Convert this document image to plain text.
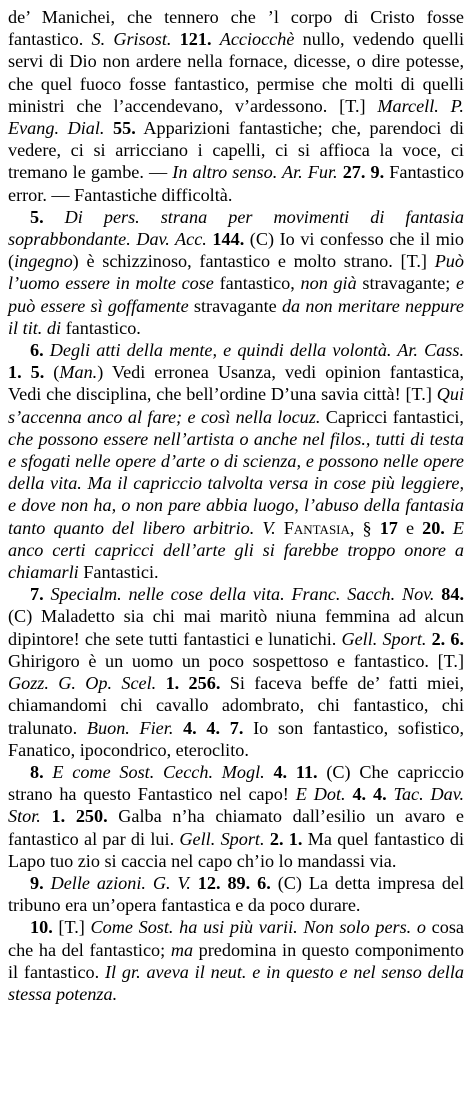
de’ Manichei, che tennero che ’l corpo di Cristo fosse fantastico. S. Grisost. 121. Acciocchè nullo, vedendo quelli servi di Dio non ardere nella fornace, dicesse, o dire potesse, che quel fuoco fosse fantastico, permise che molti di quelli ministri che l’accendevano, v’ardessono. [T.] Marcell. P. Evang. Dial. 55. Apparizioni fantastiche; che, parendoci di vedere, ci si arricciano i capelli, ci si affioca la voce, ci tremano le gambe. — In altro senso. Ar. Fur. 27. 9. Fantastico error. — Fantastiche difficoltà.

5. Di pers. strana per movimenti di fantasia soprabbondante. Dav. Acc. 144. (C) Io vi confesso che il mio (ingegno) è schizzinoso, fantastico e molto strano. [T.] Può l’uomo essere in molte cose fantastico, non già stravagante; e può essere sì goffamente stravagante da non meritare neppure il tit. di fantastico.

6. Degli atti della mente, e quindi della volontà. Ar. Cass. 1. 5. (Man.) Vedi erronea Usanza, vedi opinion fantastica, Vedi che disciplina, che bell’ordine D’una savia città! [T.] Qui s’accenna anco al fare; e così nella locuz. Capricci fantastici, che possono essere nell’artista o anche nel filos., tutti di testa e sfogati nelle opere d’arte o di scienza, e possono nelle opere della vita. Ma il capriccio talvolta versa in cose più leggiere, e dove non ha, o non pare abbia luogo, l’abuso della fantasia tanto quanto del libero arbitrio. V. Fantasia, § 17 e 20. E anco certi capricci dell’arte gli si farebbe troppo onore a chiamarli Fantastici.

7. Specialm. nelle cose della vita. Franc. Sacch. Nov. 84. (C) Maladetto sia chi mai maritò niuna femmina ad alcun dipintore! che sete tutti fantastici e lunatichi. Gell. Sport. 2. 6. Ghirigoro è un uomo un poco sospettoso e fantastico. [T.] Gozz. G. Op. Scel. 1. 256. Si faceva beffe de’ fatti miei, chiamandomi chi cavallo adombrato, chi fantastico, chi tralunato. Buon. Fier. 4. 4. 7. Io son fantastico, sofistico, Fanatico, ipocondrico, eteroclito.

8. E come Sost. Cecch. Mogl. 4. 11. (C) Che capriccio strano ha questo Fantastico nel capo! E Dot. 4. 4. Tac. Dav. Stor. 1. 250. Galba n’ha chiamato dall’esilio un avaro e fantastico al par di lui. Gell. Sport. 2. 1. Ma quel fantastico di Lapo tuo zio si caccia nel capo ch’io lo mandassi via.

9. Delle azioni. G. V. 12. 89. 6. (C) La detta impresa del tribuno era un’opera fantastica e da poco durare.

10. [T.] Come Sost. ha usi più varii. Non solo pers. o cosa che ha del fantastico; ma predomina in questo componimento il fantastico. Il gr. aveva il neut. e in questo e nel senso della stessa potenza.
